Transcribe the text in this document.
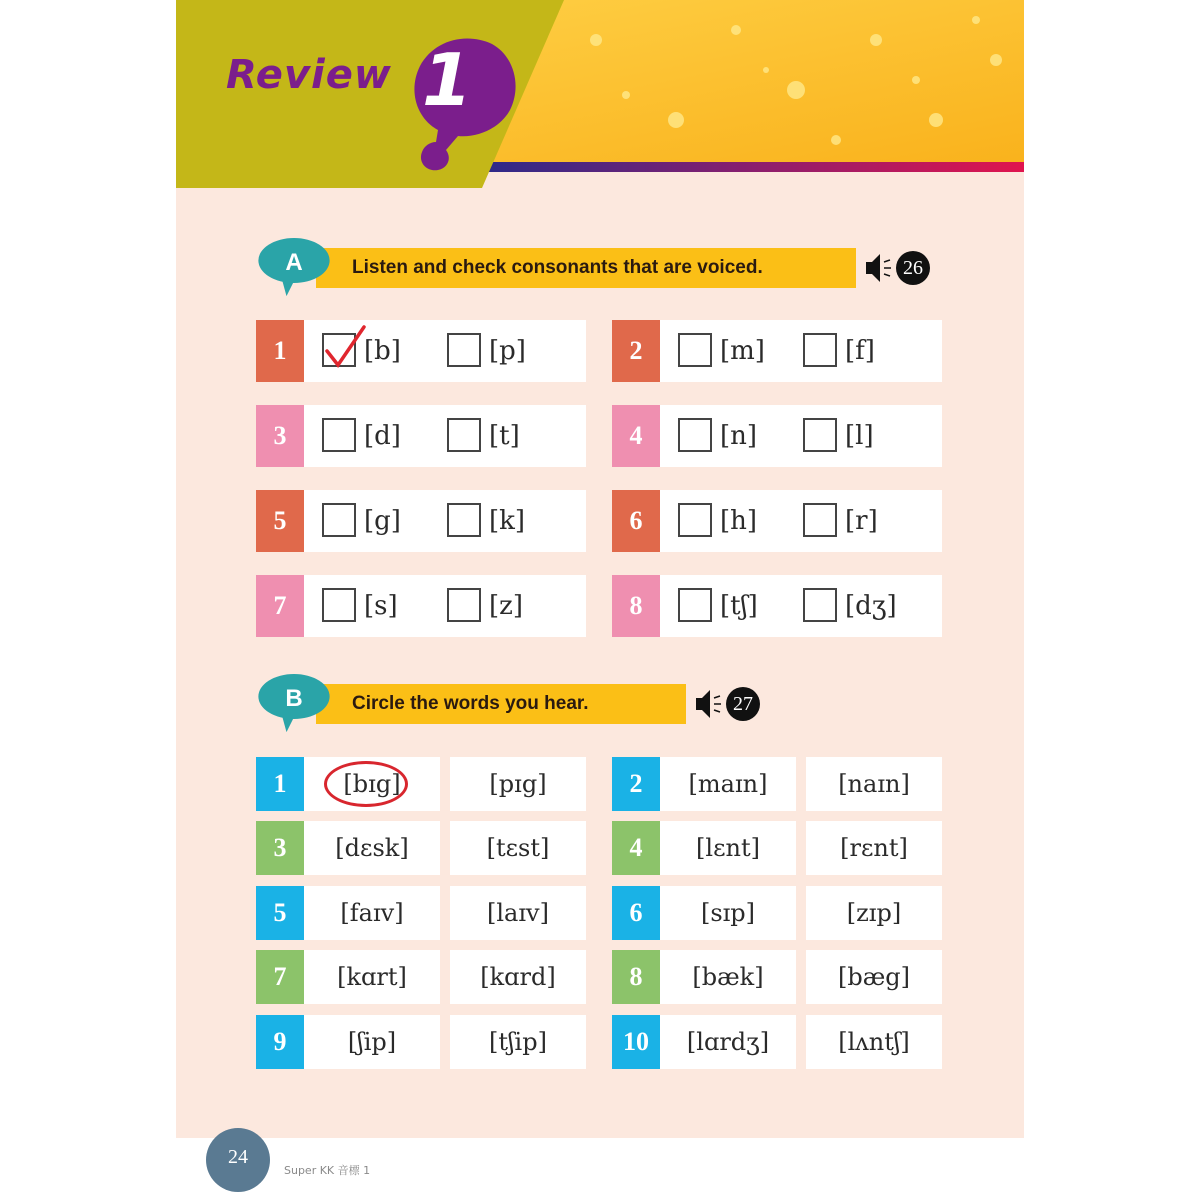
Review 1
Listen and check consonants that are voiced.
A	26
1	[b]	[p]	2	[m]	[f]
3	[d]	[t]	4	[n]	[l]
5	[g]	[k]	6	[h]	[r]
7	[s]	[z]	8	[tʃ]	[dʒ]
Circle the words you hear.
B	27
1	[bɪg]	[pɪg]	2	[maɪn]	[naɪn]
3	[dɛsk]	[tɛst]	4	[lɛnt]	[rɛnt]
5	[faɪv]	[laɪv]	6	[sɪp]	[zɪp]
7	[kɑrt]	[kɑrd]	8	[bæk]	[bæg]
9	[ʃip]	[tʃip]	10	[lɑrdʒ]	[lʌntʃ]
24
Super KK 音標 1
